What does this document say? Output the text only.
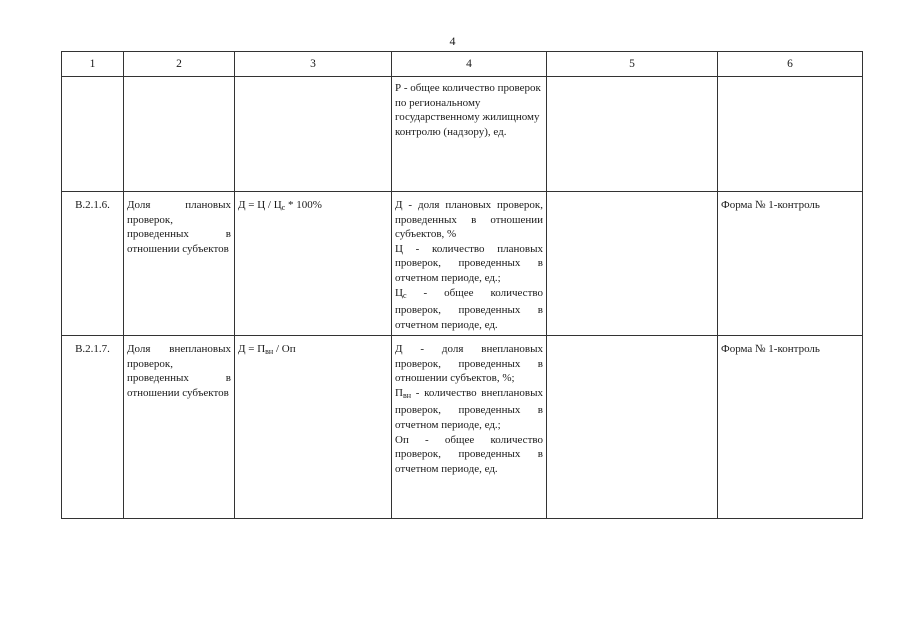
4
1	2	3	4	5	6
			Р - общее количество проверок по региональному государственному жилищному контролю (надзору), ед.		
В.2.1.6.	Доля плановых проверок, проведенных в отношении субъектов	$Д = Ц / Ц_с * 100\%$	Д - доля плановых проверок, проведенных в отношении субъектов, %
Ц - количество плановых проверок, проведенных в отчетном периоде, ед.;
$Ц_с$ - общее количество проверок, проведенных в отчетном периоде, ед.		Форма № 1-контроль
В.2.1.7.	Доля внеплановых проверок, проведенных в отношении субъектов	$Д = П_{вн}$ / Оп	Д - доля внеплановых проверок, проведенных в отношении субъектов, %;
$П_{вн}$ - количество внеплановых проверок, проведенных в отчетном периоде, ед.;
Оп - общее количество проверок, проведенных в отчетном периоде, ед.		Форма № 1-контроль
